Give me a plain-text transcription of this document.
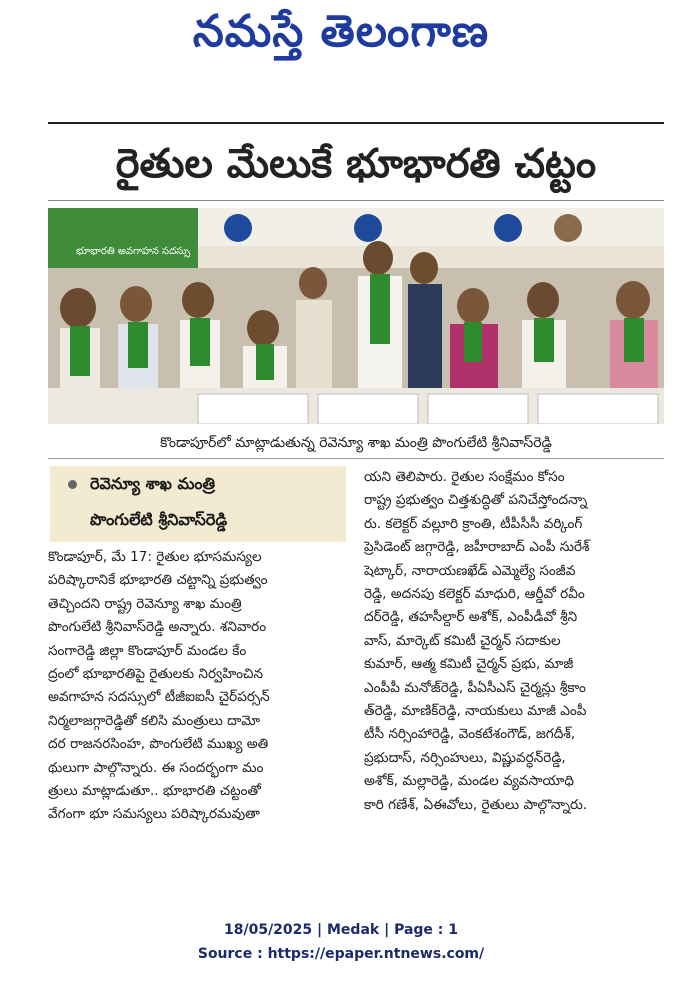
నమస్తే తెలంగాణ
రైతుల మేలుకే భూభారతి చట్టం
భూభారతి అవగాహన సదస్సు
కొండాపూర్‌లో మాట్లాడుతున్న రెవెన్యూ శాఖ మంత్రి పొంగులేటి శ్రీనివాస్‌రెడ్డి
రెవెన్యూ శాఖ మంత్రి
పొంగులేటి శ్రీనివాస్‌రెడ్డి
కొండాపూర్, మే 17: రైతుల భూసమస్యల
పరిష్కారానికే భూభారతి చట్టాన్ని ప్రభుత్వం
తెచ్చిందని రాష్ట్ర రెవెన్యూ శాఖ మంత్రి
పొంగులేటి శ్రీనివాస్‌రెడ్డి అన్నారు. శనివారం
సంగారెడ్డి జిల్లా కొండాపూర్ మండల కేం
ద్రంలో భూభారతిపై రైతులకు నిర్వహించిన
అవగాహన సదస్సులో టీజీఐఐసీ చైర్‌పర్సన్
నిర్మలాజగ్గారెడ్డితో కలిసి మంత్రులు దామో
దర రాజనరసింహ, పొంగులేటి ముఖ్య అతి
థులుగా పాల్గొన్నారు. ఈ సందర్భంగా మం
త్రులు మాట్లాడుతూ.. భూభారతి చట్టంతో
వేగంగా భూ సమస్యలు పరిష్కారమవుతా
యని తెలిపారు. రైతుల సంక్షేమం కోసం
రాష్ట్ర ప్రభుత్వం చిత్తశుద్ధితో పనిచేస్తోందన్నా
రు. కలెక్టర్ వల్లూరి క్రాంతి, టీపీసీసీ వర్కింగ్
ప్రెసిడెంట్ జగ్గారెడ్డి, జహీరాబాద్ ఎంపీ సురేశ్
షెట్కార్, నారాయణఖేడ్ ఎమ్మెల్యే సంజీవ
రెడ్డి, అదనపు కలెక్టర్ మాధురి, ఆర్డీవో రవీం
దర్‌రెడ్డి, తహసీల్దార్ అశోక్, ఎంపీడీవో శ్రీని
వాస్, మార్కెట్ కమిటీ చైర్మన్ సదాకుల
కుమార్, ఆత్మ కమిటీ చైర్మన్ ప్రభు, మాజీ
ఎంపీపీ మనోజ్‌రెడ్డి, పీఏసీఎస్ చైర్మన్లు శ్రీకాం
త్‌రెడ్డి, మాణిక్‌రెడ్డి, నాయకులు మాజీ ఎంపీ
టీసీ నర్సింహారెడ్డి, వెంకటేశంగౌడ్, జగదీశ్,
ప్రభుదాస్, నర్సింహులు, విష్ణువర్ధన్‌రెడ్డి,
అశోక్, మల్లారెడ్డి, మండల వ్యవసాయాధి
కారి గణేశ్, ఏఈవోలు, రైతులు పాల్గొన్నారు.
18/05/2025 | Medak | Page : 1
Source : https://epaper.ntnews.com/
